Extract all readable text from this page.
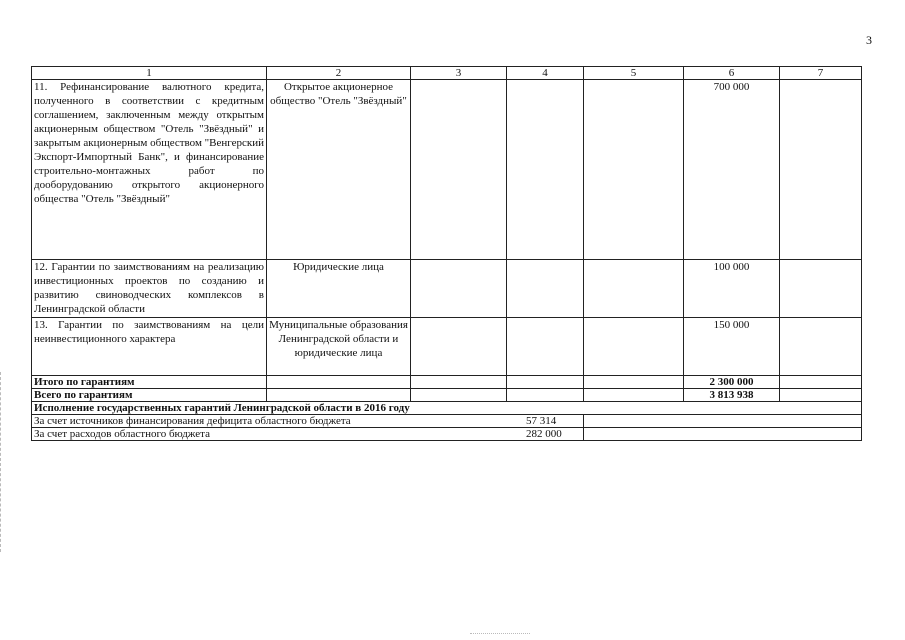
3
1	2	3	4	5	6	7
11. Рефинансирование валютного кредита, полученного в соответствии с кредитным соглашением, заключенным между открытым акционерным обществом "Отель "Звёздный" и закрытым акционерным обществом "Венгерский Экспорт-Импортный Банк", и финансирование строительно-монтажных работ по дооборудованию открытого акционерного общества "Отель "Звёздный"	Открытое акционерное общество "Отель "Звёздный"				700 000	
12. Гарантии по заимствованиям на реализацию инвестиционных проектов по созданию и развитию свиноводческих комплексов в Ленинградской области	Юридические лица				100 000	
13. Гарантии по заимствованиям на цели неинвестиционного характера	Муниципальные образования Ленинградской области и юридические лица				150 000	
Итого по гарантиям					2 300 000	
Всего по гарантиям					3 813 938	
Исполнение государственных гарантий Ленинградской области в 2016 году						
За счет источников финансирования дефицита областного бюджета				57 314		
За счет расходов областного бюджета				282 000		
